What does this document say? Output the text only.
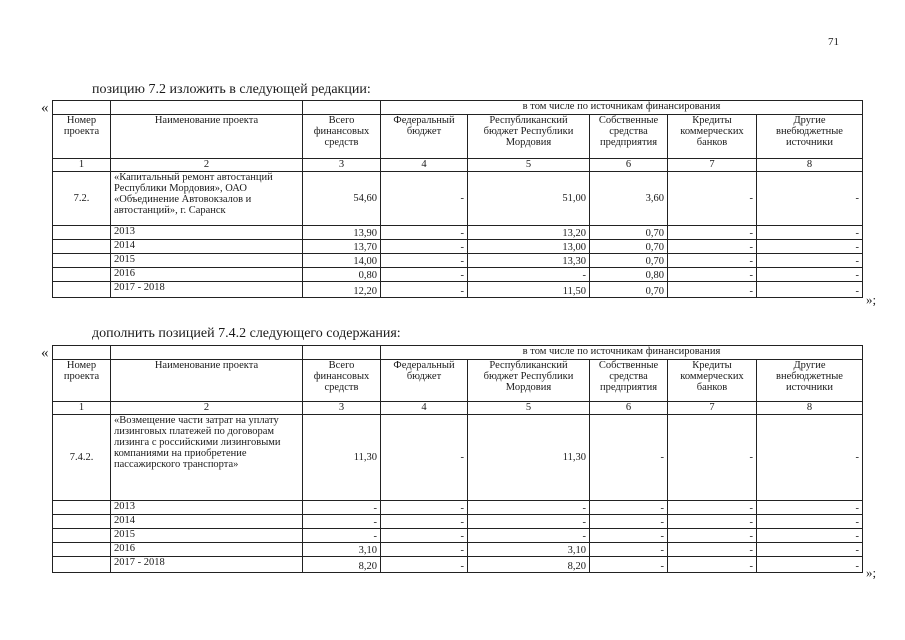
71
позицию 7.2 изложить в следующей редакции:
«
				в том числе по источникам финансирования				
Номер проекта	Наименование проекта	Всего финансовых средств	Федеральный бюджет	Республиканский бюджет Республики Мордовия	Собственные средства предприятия	Кредиты коммерческих банков	Другие внебюджетные источники
1	2	3	4	5	6	7	8
7.2.	«Капитальный ремонт автостанций Республики Мордовия», ОАО «Объединение Автовокзалов и автостанций», г. Саранск	54,60	-	51,00	3,60	-	-
	2013	13,90	-	13,20	0,70	-	-
	2014	13,70	-	13,00	0,70	-	-
	2015	14,00	-	13,30	0,70	-	-
	2016	0,80	-	-	0,80	-	-
	2017 - 2018	12,20	-	11,50	0,70	-	-
»;
дополнить позицией 7.4.2 следующего содержания:
«
				в том числе по источникам финансирования				
Номер проекта	Наименование проекта	Всего финансовых средств	Федеральный бюджет	Республиканский бюджет Республики Мордовия	Собственные средства предприятия	Кредиты коммерческих банков	Другие внебюджетные источники
1	2	3	4	5	6	7	8
7.4.2.	«Возмещение части затрат на уплату лизинговых платежей по договорам лизинга с российскими лизинговыми компаниями на приобретение пассажирского транспорта»	11,30	-	11,30	-	-	-
	2013	-	-	-	-	-	-
	2014	-	-	-	-	-	-
	2015	-	-	-	-	-	-
	2016	3,10	-	3,10	-	-	-
	2017 - 2018	8,20	-	8,20	-	-	- »;
